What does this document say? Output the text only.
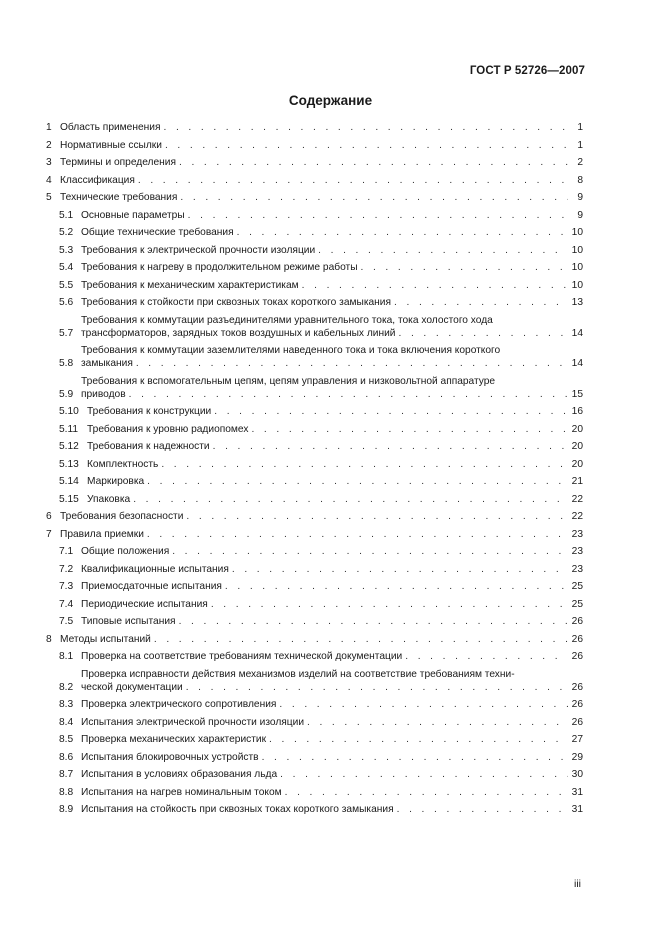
ГОСТ Р 52726—2007
Содержание
1 Область применения . . .	1
2 Нормативные ссылки . . .	1
3 Термины и определения . . .	2
4 Классификация . . .	8
5 Технические требования . . .	9
5.1 Основные параметры . . .	9
5.2 Общие технические требования . . .	10
5.3 Требования к электрической прочности изоляции . . .	10
5.4 Требования к нагреву в продолжительном режиме работы . . .	10
5.5 Требования к механическим характеристикам . . .	10
5.6 Требования к стойкости при сквозных токах короткого замыкания . . .	13
5.7
Требования к коммутации разъединителями уравнительного тока, тока холостого хода
трансформаторов, зарядных токов воздушных и кабельных линий . . .	14
5.8
Требования к коммутации заземлителями наведенного тока и тока включения короткого
замыкания . . .	14
5.9
Требования к вспомогательным цепям, цепям управления и низковольтной аппаратуре
приводов . . .	15
5.10 Требования к конструкции . . .	16
5.11 Требования к уровню радиопомех . . .	20
5.12 Требования к надежности . . .	20
5.13 Комплектность . . .	20
5.14 Маркировка . . .	21
5.15 Упаковка . . .	22
6 Требования безопасности . . .	22
7 Правила приемки . . .	23
7.1 Общие положения . . .	23
7.2 Квалификационные испытания . . .	23
7.3 Приемосдаточные испытания . . .	25
7.4 Периодические испытания . . .	25
7.5 Типовые испытания . . .	26
8 Методы испытаний . . .	26
8.1 Проверка на соответствие требованиям технической документации . . .	26
8.2
Проверка исправности действия механизмов изделий на соответствие требованиям техни-
ческой документации . . .	26
8.3 Проверка электрического сопротивления . . .	26
8.4 Испытания электрической прочности изоляции . . .	26
8.5 Проверка механических характеристик . . .	27
8.6 Испытания блокировочных устройств . . .	29
8.7 Испытания в условиях образования льда . . .	30
8.8 Испытания на нагрев номинальным током . . .	31
8.9 Испытания на стойкость при сквозных токах короткого замыкания . . .	31
iii
